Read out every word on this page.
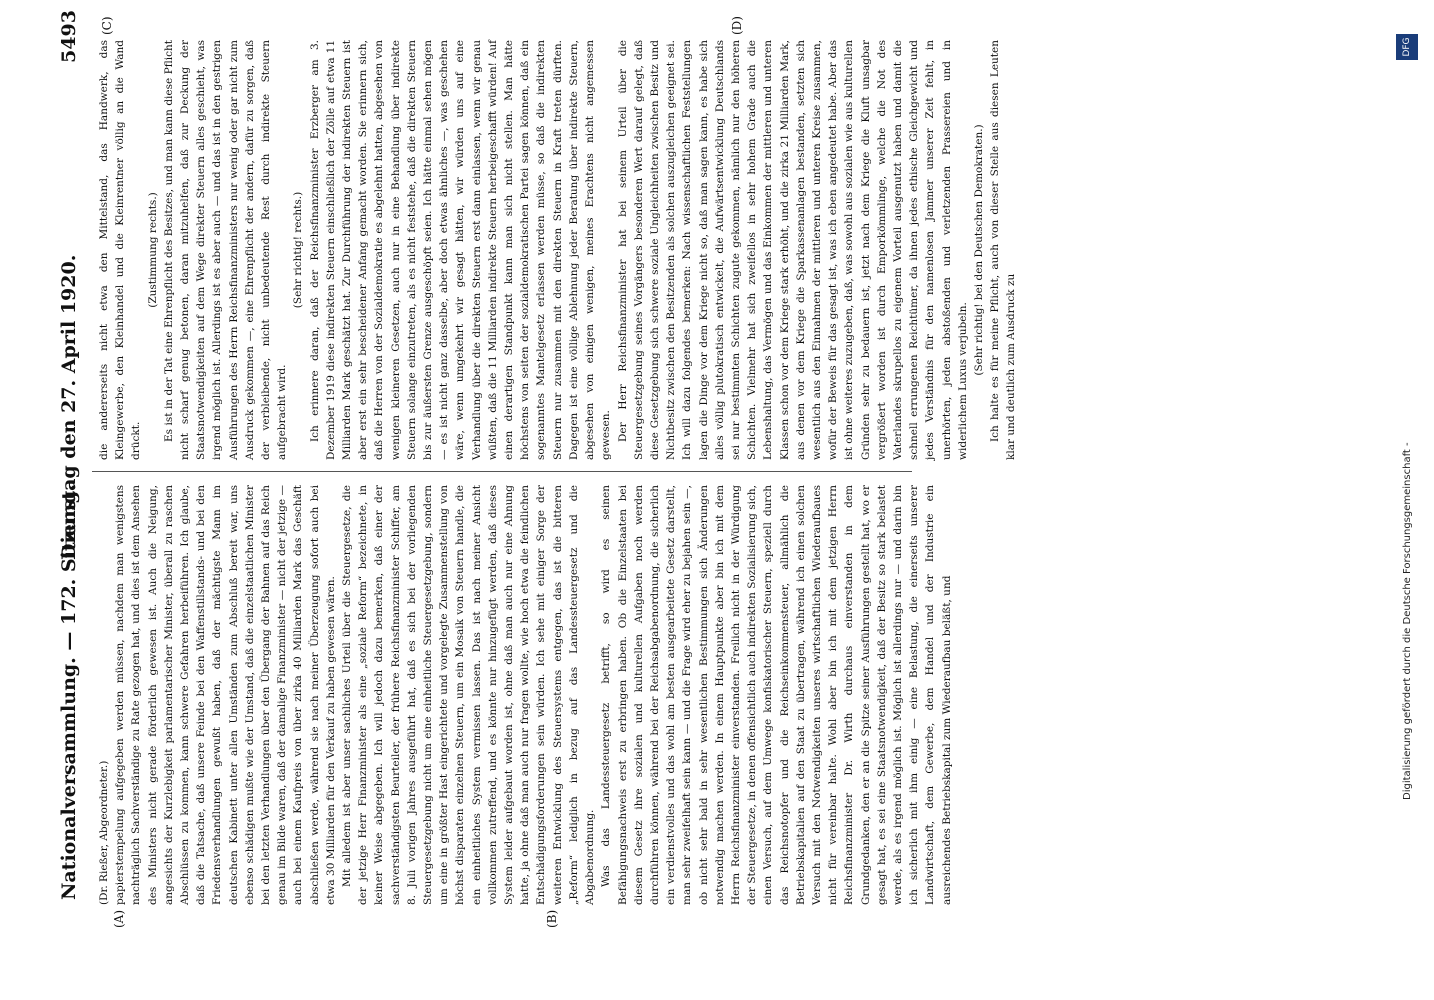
Nationalversammlung. — 172. Sitzung.
Dienstag den 27. April 1920.
5493
(A)	(B)
(C)	(D)

(Dr. Rießer, Abgeordneter.) papierstempelung aufgegeben werden müssen, nachdem man wenigstens nachträglich Sachverständige zu Rate gezogen hat, und dies ist dem Ansehen des Ministers nicht gerade förderlich gewesen ist. Auch die Neigung, angesichts der Kurzlebigkeit parlamentarischer Minister, überall zu raschen Abschlüssen zu kommen, kann schwere Gefahren herbeiführen. Ich glaube, daß die Tatsache, daß unsere Feinde bei den Waffenstillstands- und bei den Friedensverhandlungen gewußt haben, daß der mächtigste Mann im deutschen Kabinett unter allen Umständen zum Abschluß bereit war, uns ebenso schädigen mußte wie der Umstand, daß die einzelstaatlichen Minister bei den letzten Verhandlungen über den Übergang der Bahnen auf das Reich genau im Bilde waren, daß der damalige Finanzminister — nicht der jetzige — auch bei einem Kaufpreis von über zirka 40 Milliarden Mark das Geschäft abschließen werde, während sie nach meiner Überzeugung sofort auch bei etwa 30 Milliarden für den Verkauf zu haben gewesen wären. Mit alledem ist aber unser sachliches Urteil über die Steuergesetze, die der jetzige Herr Finanzminister als eine „soziale Reform“ bezeichnete, in keiner Weise abgegeben. Ich will jedoch dazu bemerken, daß einer der sachverständigsten Beurteiler, der frühere Reichsfinanzminister Schiffer, am 8. Juli vorigen Jahres ausgeführt hat, daß es sich bei der vorliegenden Steuergesetzgebung nicht um eine einheitliche Steuergesetzgebung, sondern um eine in größter Hast eingerichtete und vorgelegte Zusammenstellung von höchst disparaten einzelnen Steuern, um ein Mosaik von Steuern handle, die ein einheitliches System vermissen lassen. Das ist nach meiner Ansicht vollkommen zutreffend, und es könnte nur hinzugefügt werden, daß dieses System leider aufgebaut worden ist, ohne daß man auch nur eine Ahnung hatte, ja ohne daß man auch nur fragen wollte, wie hoch etwa die feindlichen Entschädigungsforderungen sein würden. Ich sehe mit einiger Sorge der weiteren Entwicklung des Steuersystems entgegen, das ist die bitteren „Reform“ lediglich in bezug auf das Landessteuergesetz und die Abgabenordnung. Was das Landessteuergesetz betrifft, so wird es seinen Befähigungsnachweis erst zu erbringen haben. Ob die Einzelstaaten bei diesem Gesetz ihre sozialen und kulturellen Aufgaben noch werden durchführen können, während bei der Reichsabgabenordnung, die sicherlich ein verdienstvolles und das wohl am besten ausgearbeitete Gesetz darstellt, man sehr zweifelhaft sein kann — und die Frage wird eher zu bejahen sein —, ob nicht sehr bald in sehr wesentlichen Bestimmungen sich Änderungen notwendig machen werden. In einem Hauptpunkte aber bin ich mit dem Herrn Reichsfinanzminister einverstanden. Freilich nicht in der Würdigung der Steuergesetze, in denen offensichtlich auch indirekten Sozialisierung sich, einen Versuch, auf dem Umwege konfiskatorischer Steuern, speziell durch das Reichsnotopfer und die Reichseinkommensteuer, allmählich die Betriebskapitalien auf den Staat zu übertragen, während ich einen solchen Versuch mit den Notwendigkeiten unseres wirtschaftlichen Wiederaufbaues nicht für vereinbar halte. Wohl aber bin ich mit dem jetzigen Herrn Reichsfinanzminister Dr. Wirth durchaus einverstanden in dem Grundgedanken, den er an die Spitze seiner Ausführungen gestellt hat, wo er gesagt hat, es sei eine Staatsnotwendigkeit, daß der Besitz so stark belastet werde, als es irgend möglich ist. Möglich ist allerdings nur — und darin bin ich sicherlich mit ihm einig — eine Belastung, die einerseits unserer Landwirtschaft, dem Gewerbe, dem Handel und der Industrie ein ausreichendes Betriebskapital zum Wiederaufbau beläßt, und

die andererseits nicht etwa den Mittelstand, das Handwerk, das Kleingewerbe, den Kleinhandel und die Kleinrentner völlig an die Wand drückt.

(Zustimmung rechts.) Es ist in der Tat eine Ehrenpflicht des Besitzes, und man kann diese Pflicht nicht scharf genug betonen, daran mitzuhelfen, daß zur Deckung der Staatsnotwendigkeiten auf dem Wege direkter Steuern alles geschieht, was irgend möglich ist. Allerdings ist es aber auch — und das ist in den gestrigen Ausführungen des Herrn Reichsfinanzministers nur wenig oder gar nicht zum Ausdruck gekommen —, eine Ehrenpflicht der andern, dafür zu sorgen, daß der verbleibende, nicht unbedeutende Rest durch indirekte Steuern aufgebracht wird.

(Sehr richtig! rechts.) Ich erinnere daran, daß der Reichsfinanzminister Erzberger am 3. Dezember 1919 diese indirekten Steuern einschließlich der Zölle auf etwa 11 Milliarden Mark geschätzt hat. Zur Durchführung der indirekten Steuern ist aber erst ein sehr bescheidener Anfang gemacht worden. Sie erinnern sich, daß die Herren von der Sozialdemokratie es abgelehnt hatten, abgesehen von wenigen kleineren Gesetzen, auch nur in eine Behandlung über indirekte Steuern solange einzutreten, als es nicht feststehe, daß die direkten Steuern bis zur äußersten Grenze ausgeschöpft seien. Ich hätte einmal sehen mögen — es ist nicht ganz dasselbe, aber doch etwas ähnliches —, was geschehen wäre, wenn umgekehrt wir gesagt hätten, wir würden uns auf eine Verhandlung über die direkten Steuern erst dann einlassen, wenn wir genau wüßten, daß die 11 Milliarden indirekte Steuern herbeigeschafft würden! Auf einen derartigen Standpunkt kann man sich nicht stellen. Man hätte höchstens von seiten der sozialdemokratischen Partei sagen können, daß ein sogenanntes Mantelgesetz erlassen werden müsse, so daß die indirekten Steuern nur zusammen mit den direkten Steuern in Kraft treten dürften. Dagegen ist eine völlige Ablehnung jeder Beratung über indirekte Steuern, abgesehen von einigen wenigen, meines Erachtens nicht angemessen gewesen. Der Herr Reichsfinanzminister hat bei seinem Urteil über die Steuergesetzgebung seines Vorgängers besonderen Wert darauf gelegt, daß diese Gesetzgebung sich schwere soziale Ungleichheiten zwischen Besitz und Nichtbesitz zwischen den Besitzenden als solchen auszugleichen geeignet sei. Ich will dazu folgendes bemerken: Nach wissenschaftlichen Feststellungen lagen die Dinge vor dem Kriege nicht so, daß man sagen kann, es habe sich alles völlig plutokratisch entwickelt, die Aufwärtsentwicklung Deutschlands sei nur bestimmten Schichten zugute gekommen, nämlich nur den höheren Schichten. Vielmehr hat sich zweifellos in sehr hohem Grade auch die Lebenshaltung, das Vermögen und das Einkommen der mittleren und unteren Klassen schon vor dem Kriege stark erhöht, und die zirka 21 Milliarden Mark, aus denen vor dem Kriege die Sparkassenanlagen bestanden, setzten sich wesentlich aus den Einnahmen der mittleren und unteren Kreise zusammen, wofür der Beweis für das gesagt ist, was ich eben angedeutet habe. Aber das ist ohne weiteres zuzugeben, daß, was sowohl aus sozialen wie aus kulturellen Gründen sehr zu bedauern ist, jetzt nach dem Kriege die Kluft unsagbar vergrößert worden ist durch Emporkömmlinge, welche die Not des Vaterlandes skrupellos zu eigenem Vorteil ausgenutzt haben und damit die schnell errungenen Reichtümer, da ihnen jedes ethische Gleichgewicht und jedes Verständnis für den namenlosen Jammer unserer Zeit fehlt, in unerhörten, jeden abstoßenden und verletzenden Prassereien und in widerlichem Luxus verjubeln.

(Sehr richtig! bei den Deutschen Demokraten.) Ich halte es für meine Pflicht, auch von dieser Stelle aus diesen Leuten klar und deutlich zum Ausdruck zu

Digitalisierung gefördert durch die Deutsche Forschungsgemeinschaft -
DFG
